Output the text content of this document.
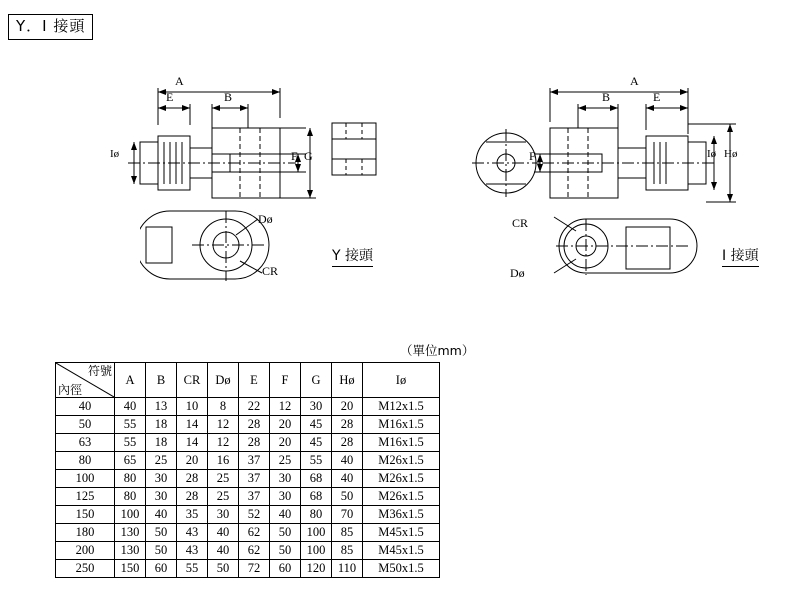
Y．I 接頭
A
E	B
F G
Iø
Dø
CR
Y 接頭
A
E
B
F	Iø Hø
CR
Dø
I 接頭
（單位mm）
符號
內徑	A	B	CR	Dø	E	F	G	Hø	Iø
40	40	13	10	8	22	12	30	20	M12x1.5
50	55	18	14	12	28	20	45	28	M16x1.5
63	55	18	14	12	28	20	45	28	M16x1.5
80	65	25	20	16	37	25	55	40	M26x1.5
100	80	30	28	25	37	30	68	40	M26x1.5
125	80	30	28	25	37	30	68	50	M26x1.5
150	100	40	35	30	52	40	80	70	M36x1.5
180	130	50	43	40	62	50	100	85	M45x1.5
200	130	50	43	40	62	50	100	85	M45x1.5
250	150	60	55	50	72	60	120	110	M50x1.5
